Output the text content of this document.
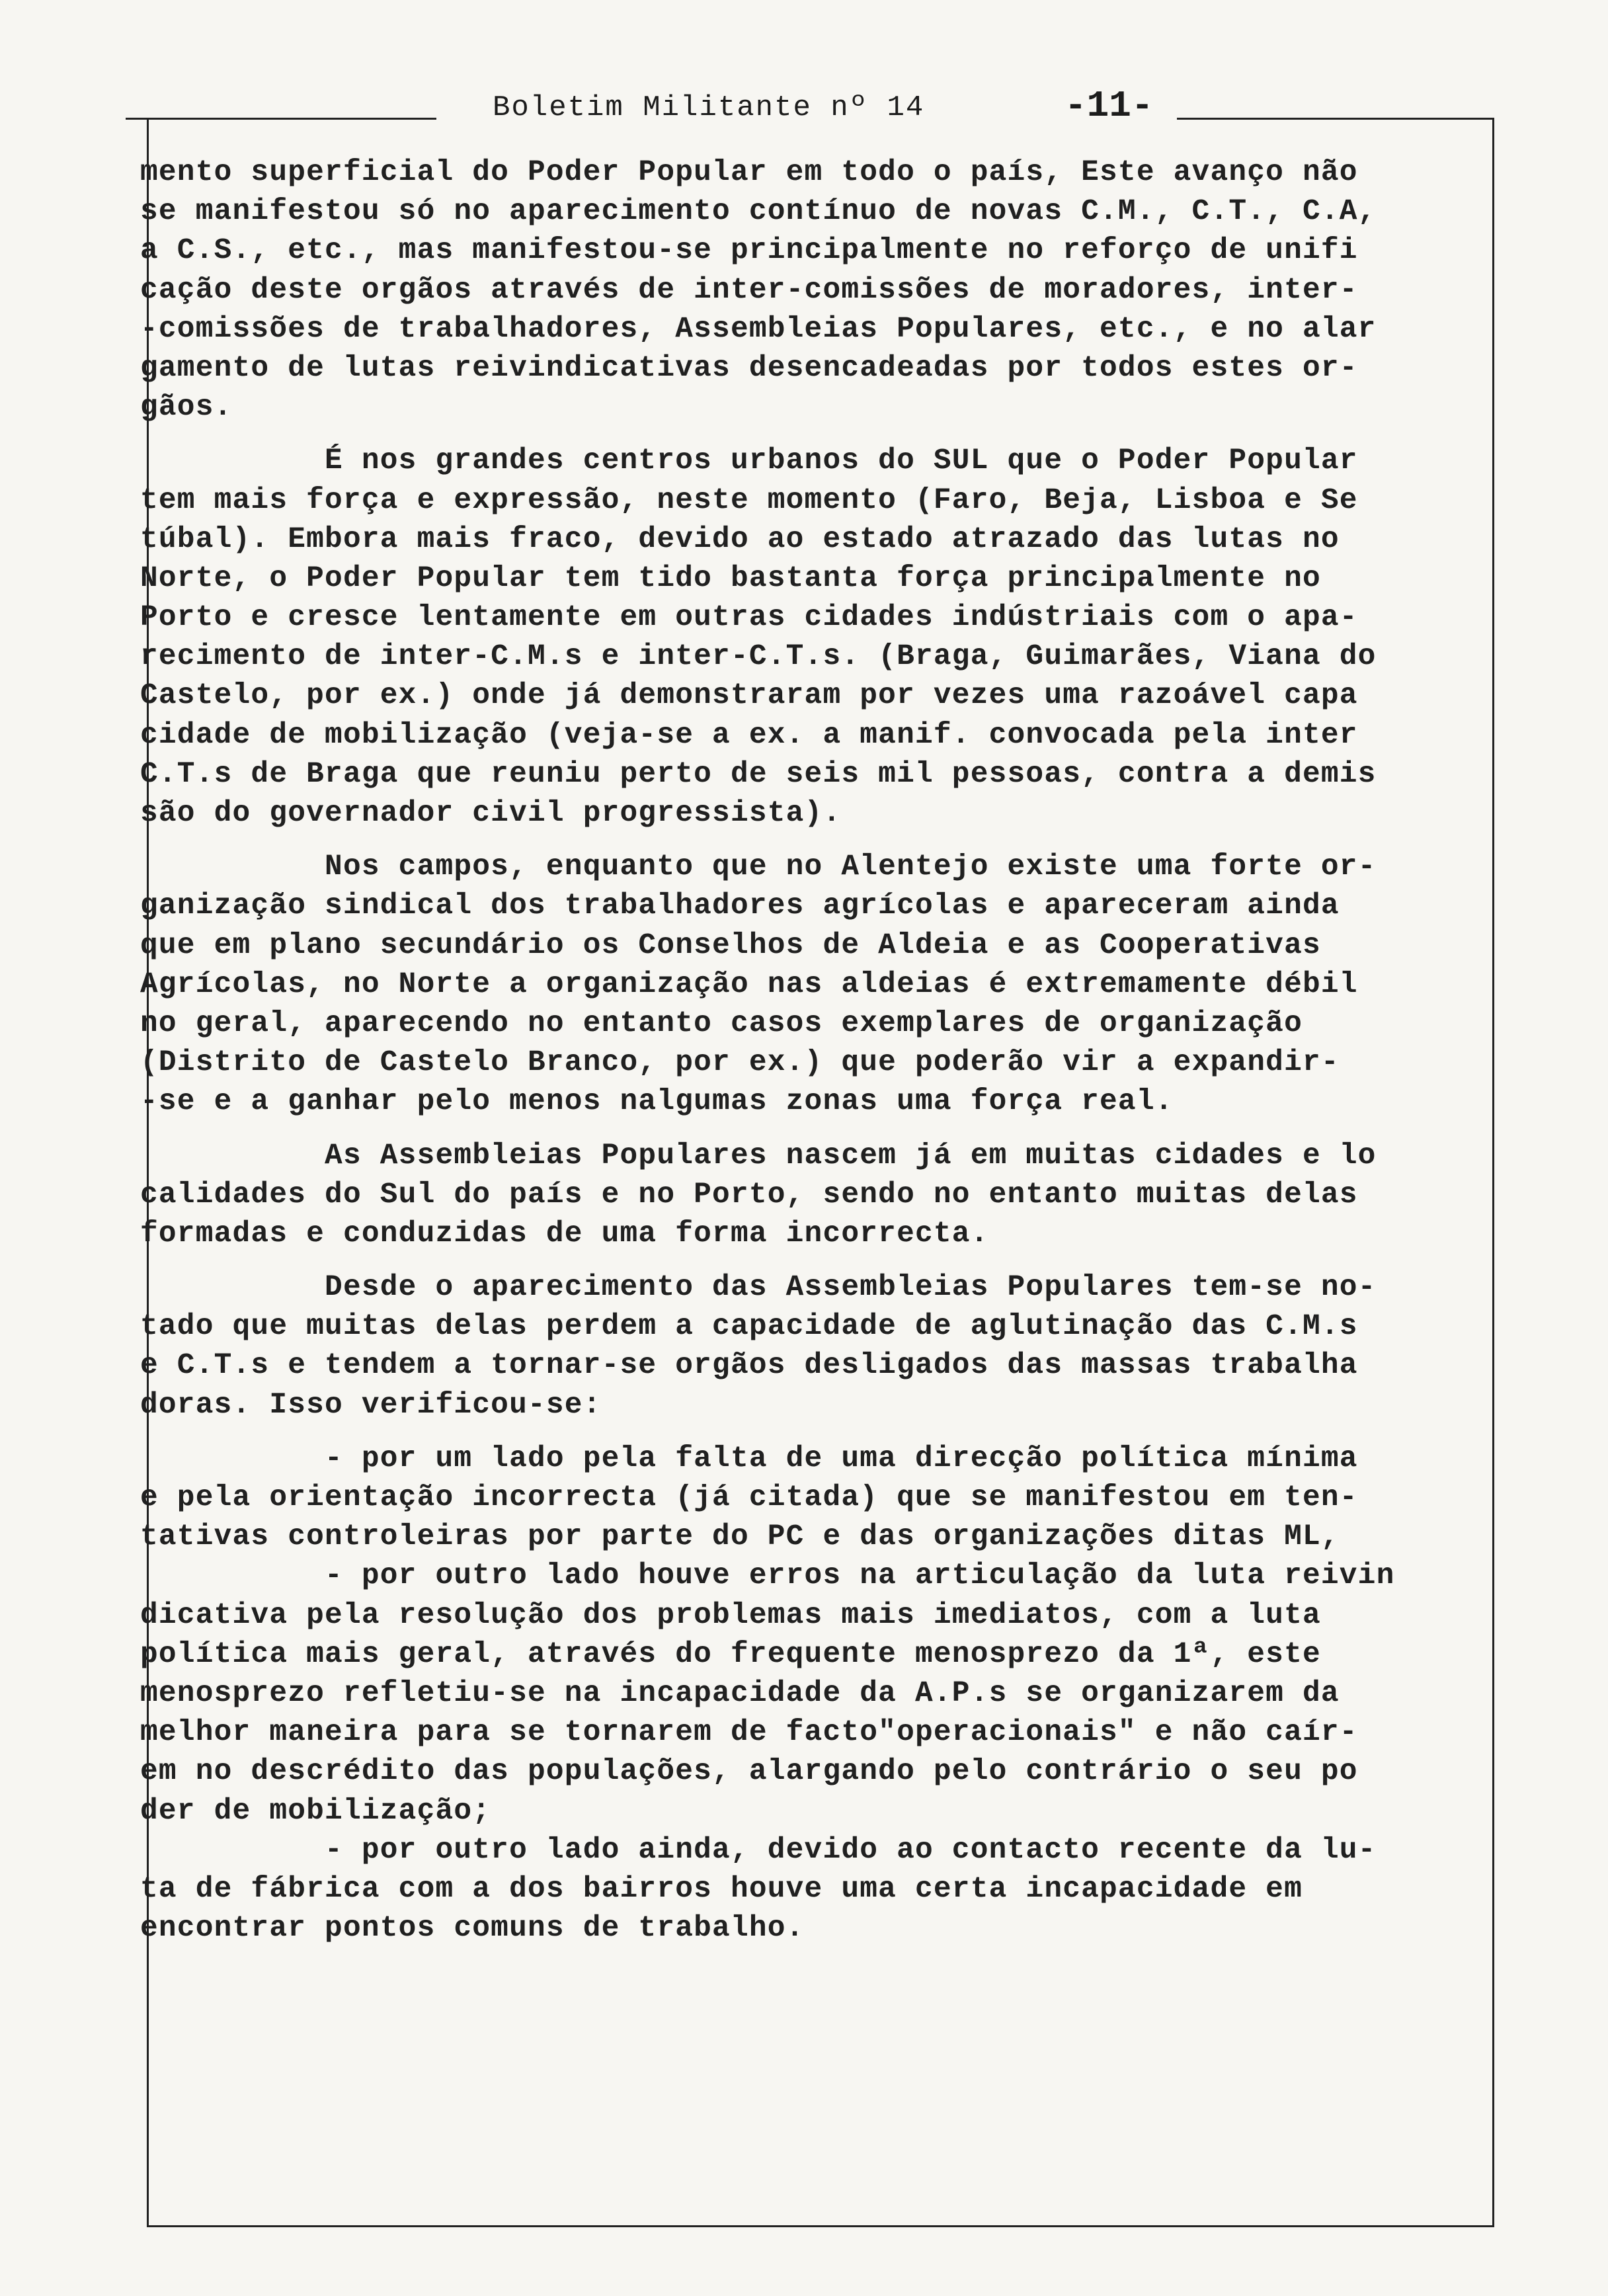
Boletim Militante nº 14	-11-
mento superficial do Poder Popular em todo o país, Este avanço não
se manifestou só no aparecimento contínuo de novas C.M., C.T., C.A,
a C.S., etc., mas manifestou-se principalmente no reforço de unifi
cação deste orgãos através de inter-comissões de moradores, inter-
-comissões de trabalhadores, Assembleias Populares, etc., e no alar
gamento de lutas reivindicativas desencadeadas por todos estes or-
gãos.
É nos grandes centros urbanos do SUL que o Poder Popular
tem mais força e expressão, neste momento (Faro, Beja, Lisboa e Se
túbal). Embora mais fraco, devido ao estado atrazado das lutas no
Norte, o Poder Popular tem tido bastanta força principalmente no
Porto e cresce lentamente em outras cidades indústriais com o apa-
recimento de inter-C.M.s e inter-C.T.s. (Braga, Guimarães, Viana do
Castelo, por ex.) onde já demonstraram por vezes uma razoável capa
cidade de mobilização (veja-se a ex. a manif. convocada pela inter
C.T.s de Braga que reuniu perto de seis mil pessoas, contra a demis
são do governador civil progressista).
Nos campos, enquanto que no Alentejo existe uma forte or-
ganização sindical dos trabalhadores agrícolas e apareceram ainda
que em plano secundário os Conselhos de Aldeia e as Cooperativas
Agrícolas, no Norte a organização nas aldeias é extremamente débil
no geral, aparecendo no entanto casos exemplares de organização
(Distrito de Castelo Branco, por ex.) que poderão vir a expandir-
-se e a ganhar pelo menos nalgumas zonas uma força real.
As Assembleias Populares nascem já em muitas cidades e lo
calidades do Sul do país e no Porto, sendo no entanto muitas delas
formadas e conduzidas de uma forma incorrecta.
Desde o aparecimento das Assembleias Populares tem-se no-
tado que muitas delas perdem a capacidade de aglutinação das C.M.s
e C.T.s e tendem a tornar-se orgãos desligados das massas trabalha
doras. Isso verificou-se:
- por um lado pela falta de uma direcção política mínima
e pela orientação incorrecta (já citada) que se manifestou em ten-
tativas controleiras por parte do PC e das organizações ditas ML,
- por outro lado houve erros na articulação da luta reivin
dicativa pela resolução dos problemas mais imediatos, com a luta
política mais geral, através do frequente menosprezo da 1ª, este
menosprezo refletiu-se na incapacidade da A.P.s se organizarem da
melhor maneira para se tornarem de facto"operacionais" e não caír-
em no descrédito das populações, alargando pelo contrário o seu po
der de mobilização;
- por outro lado ainda, devido ao contacto recente da lu-
ta de fábrica com a dos bairros houve uma certa incapacidade em
encontrar pontos comuns de trabalho.
